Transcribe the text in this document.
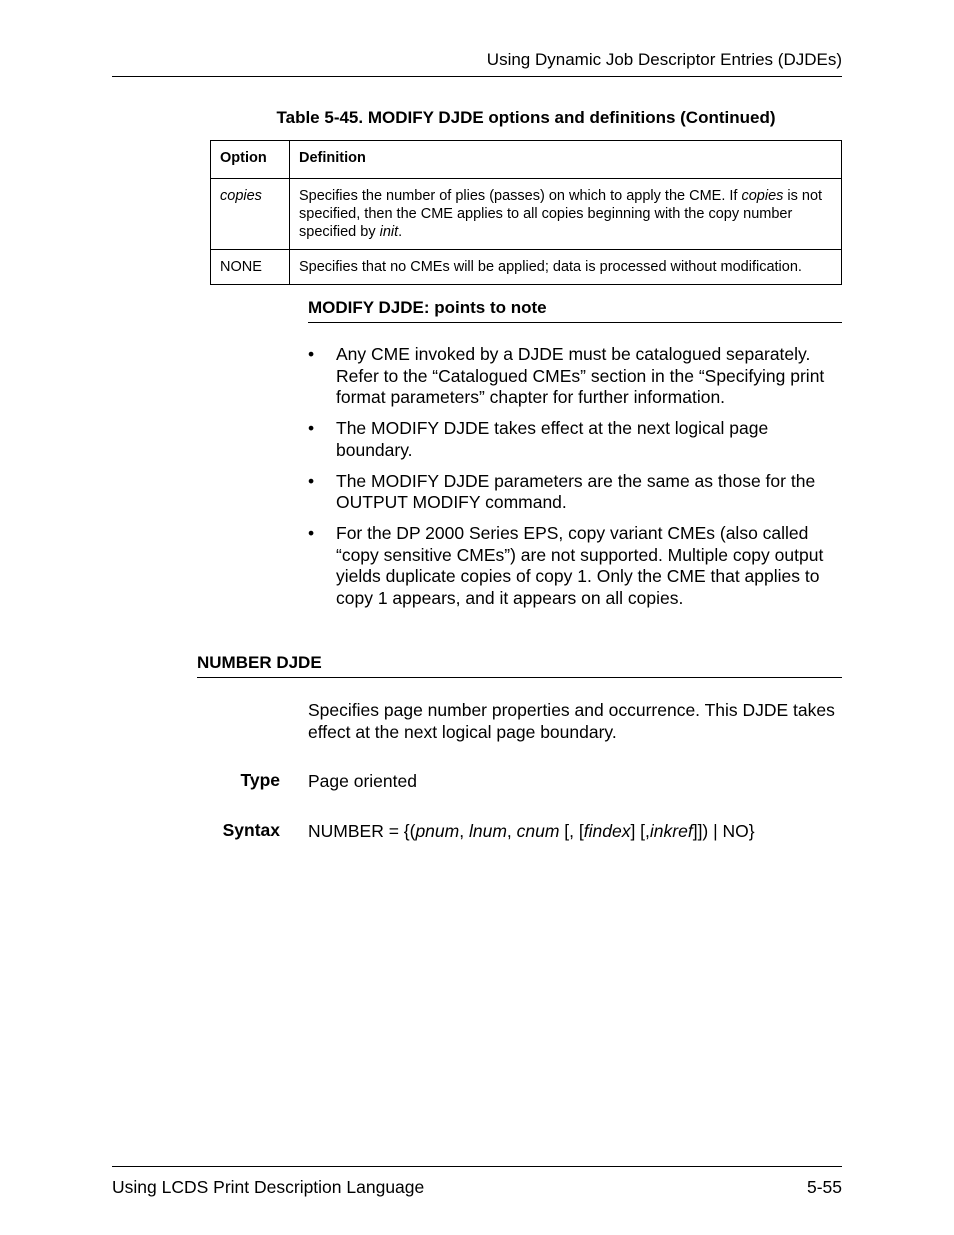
Using Dynamic Job Descriptor Entries (DJDEs)
Table 5-45. MODIFY DJDE options and definitions (Continued)
Option	Definition
copies	Specifies the number of plies (passes) on which to apply the CME. If copies is not specified, then the CME applies to all copies beginning with the copy number specified by init.
NONE	Specifies that no CMEs will be applied; data is processed without modification.
MODIFY DJDE: points to note
• Any CME invoked by a DJDE must be catalogued separately. Refer to the “Catalogued CMEs” section in the “Specifying print format parameters” chapter for further information.
• The MODIFY DJDE takes effect at the next logical page boundary.
• The MODIFY DJDE parameters are the same as those for the OUTPUT MODIFY command.
• For the DP 2000 Series EPS, copy variant CMEs (also called “copy sensitive CMEs”) are not supported. Multiple copy output yields duplicate copies of copy 1. Only the CME that applies to copy 1 appears, and it appears on all copies.
NUMBER DJDE
Specifies page number properties and occurrence. This DJDE takes effect at the next logical page boundary.
Type Page oriented
Syntax NUMBER = {(pnum, lnum, cnum [, [findex] [,inkref]]) | NO}
Using LCDS Print Description Language	5-55
